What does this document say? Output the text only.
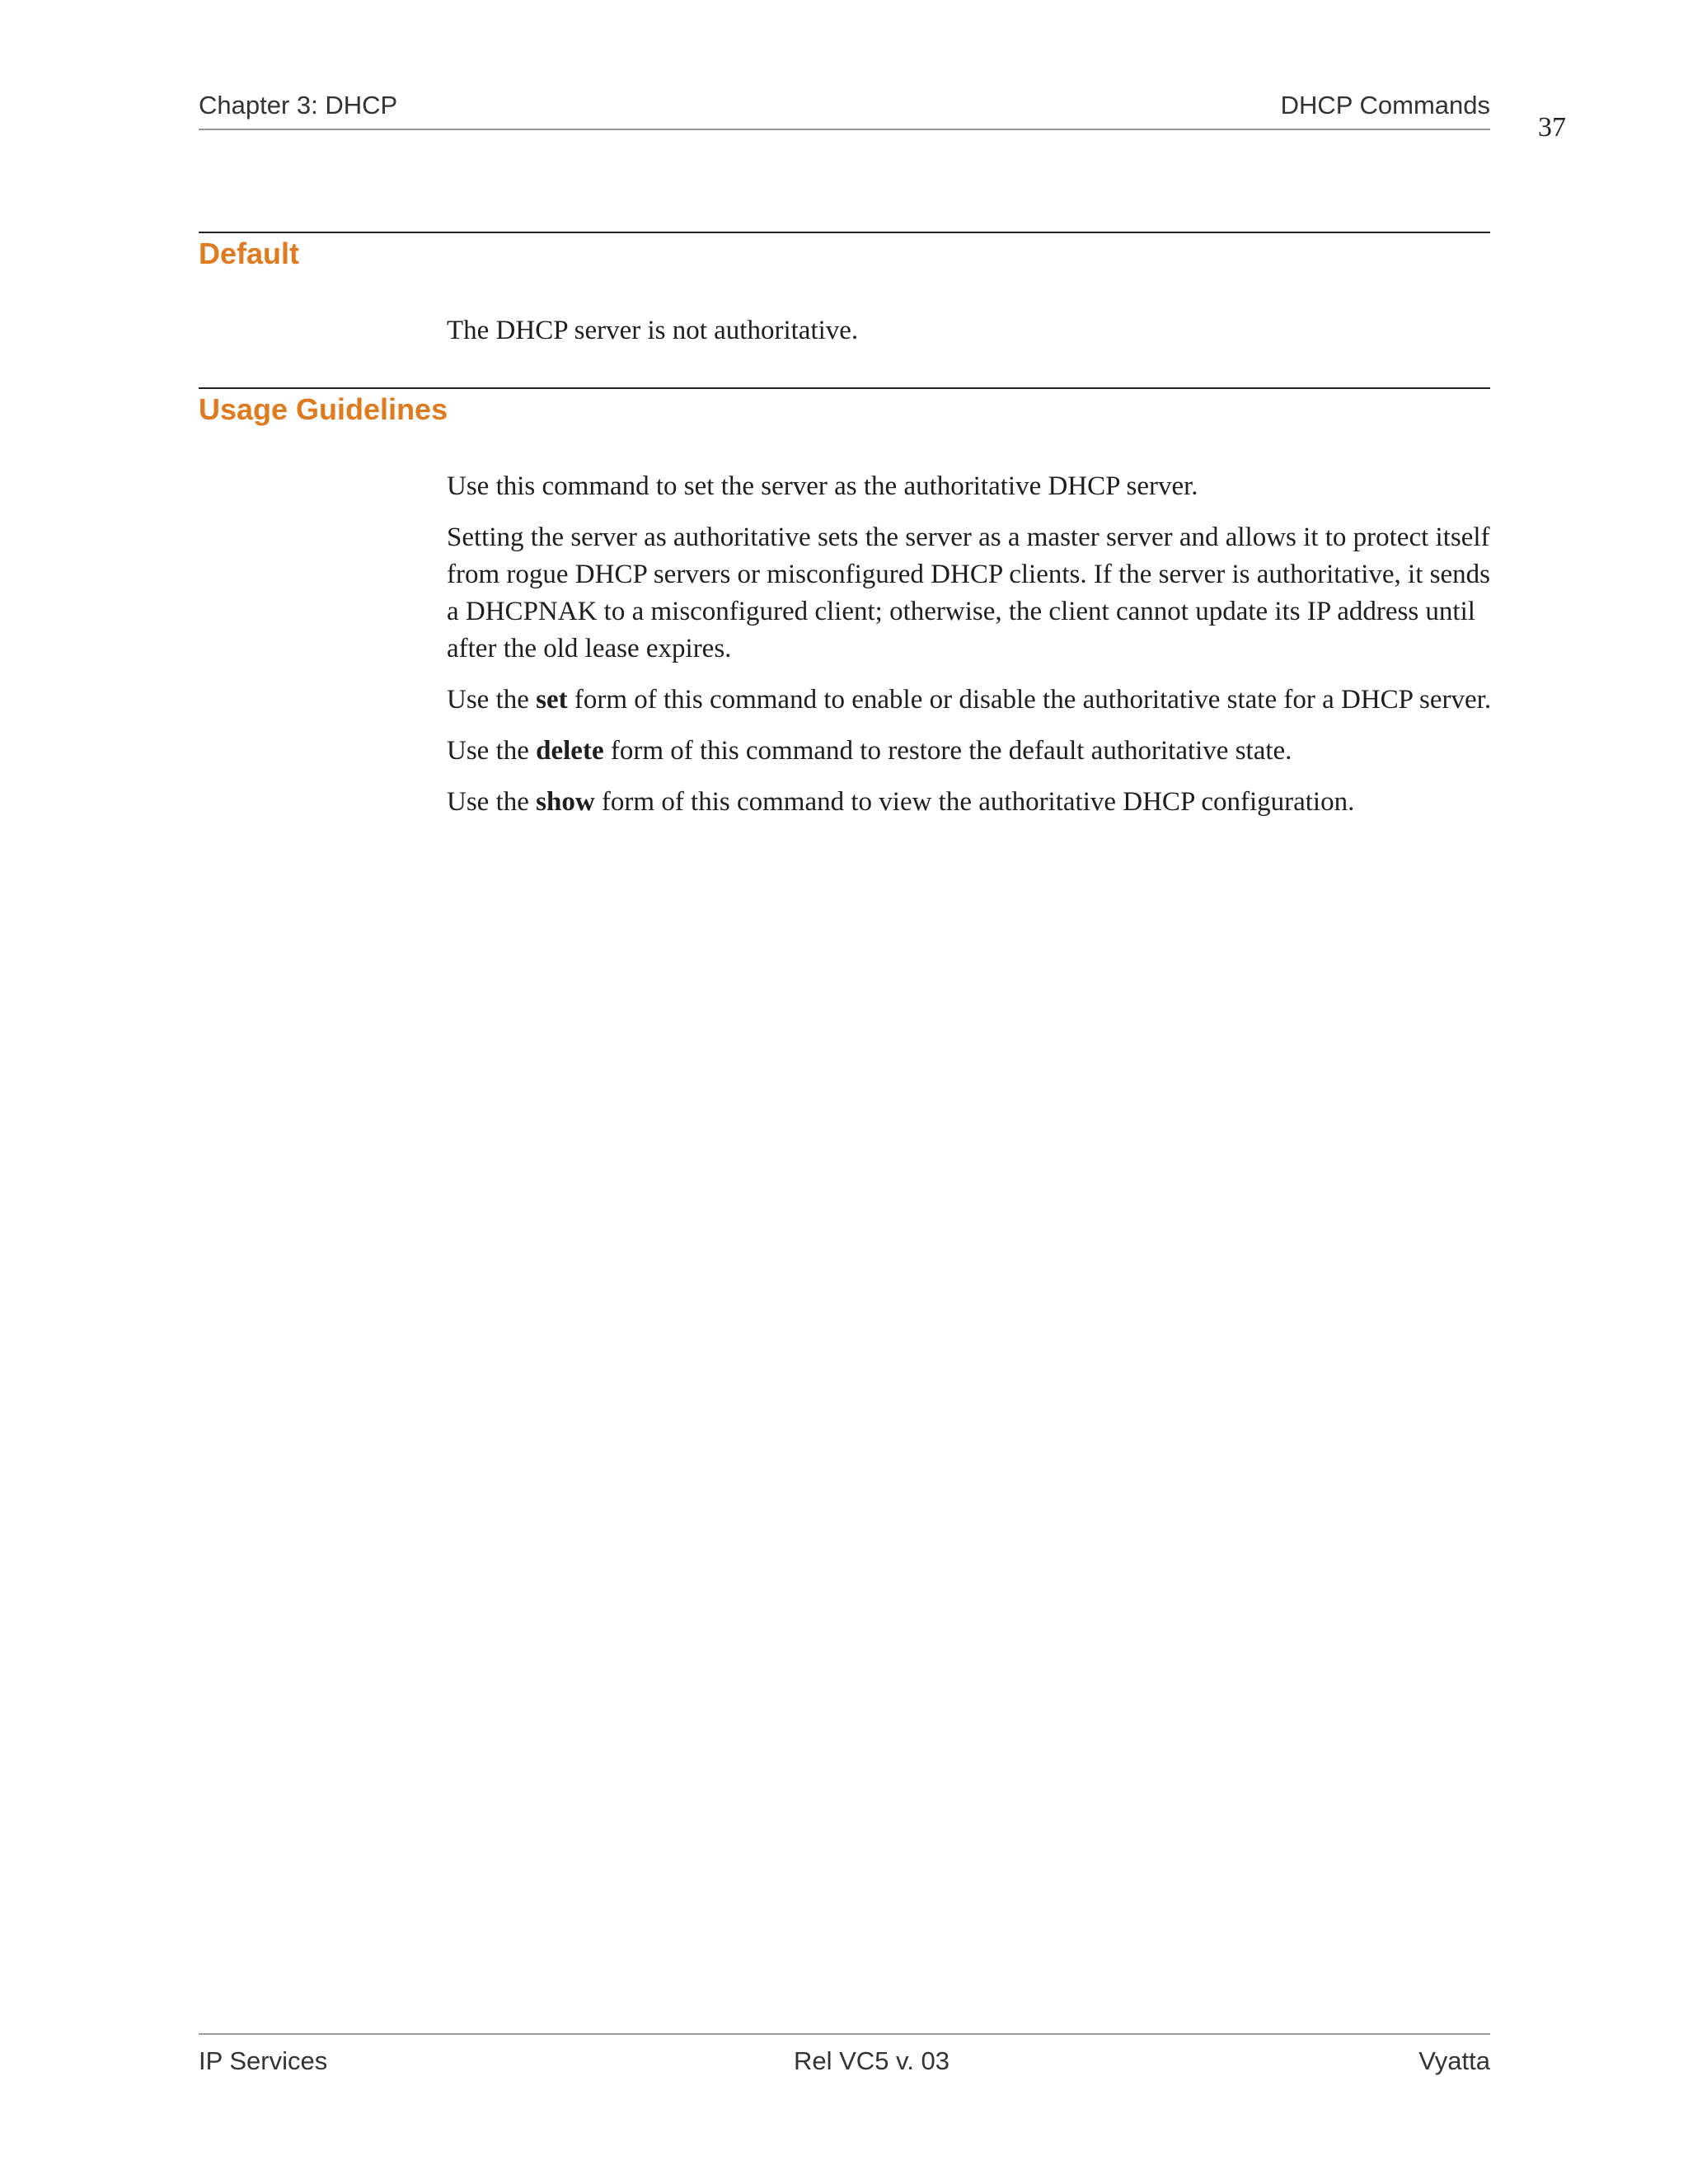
Chapter 3: DHCP	DHCP Commands
37
Default

The DHCP server is not authoritative.

Usage Guidelines

Use this command to set the server as the authoritative DHCP server.

Setting the server as authoritative sets the server as a master server and allows it to protect itself from rogue DHCP servers or misconfigured DHCP clients. If the server is authoritative, it sends a DHCPNAK to a misconfigured client; otherwise, the client cannot update its IP address until after the old lease expires.

Use the set form of this command to enable or disable the authoritative state for a DHCP server.

Use the delete form of this command to restore the default authoritative state.

Use the show form of this command to view the authoritative DHCP configuration.

IP Services	Rel VC5 v. 03	Vyatta
